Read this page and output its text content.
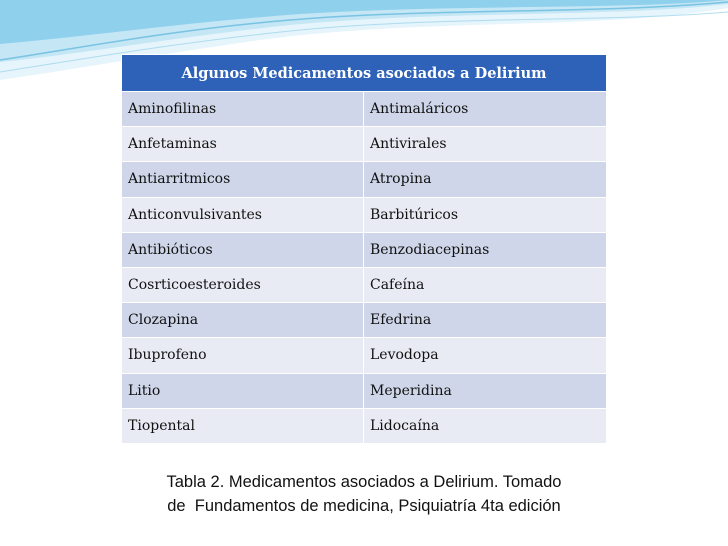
Algunos Medicamentos asociados a Delirium	
Aminofilinas	Antimaláricos
Anfetaminas	Antivirales
Antiarritmicos	Atropina
Anticonvulsivantes	Barbitúricos
Antibióticos	Benzodiacepinas
Cosrticoesteroides	Cafeína
Clozapina	Efedrina
Ibuprofeno	Levodopa
Litio	Meperidina
Tiopental	Lidocaína
Tabla 2. Medicamentos asociados a Delirium. Tomado
de  Fundamentos de medicina, Psiquiatría 4ta edición
